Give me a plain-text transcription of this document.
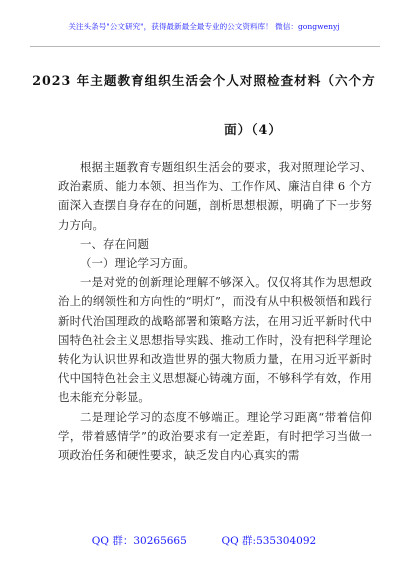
关注头条号"公文研究"，获得最新最全最专业的公文资料库！ 微信：gongwenyj
2023 年主题教育组织生活会个人对照检查材料（六个方
面）（4）

根据主题教育专题组织生活会的要求，我对照理论学习、政治素质、能力本领、担当作为、工作作风、廉洁自律 6 个方面深入查摆自身存在的问题，剖析思想根源，明确了下一步努力方向。

一、存在问题

（一）理论学习方面。

一是对党的创新理论理解不够深入。仅仅将其作为思想政治上的纲领性和方向性的“明灯”，而没有从中积极领悟和践行新时代治国理政的战略部署和策略方法，在用习近平新时代中国特色社会主义思想指导实践、推动工作时，没有把科学理论转化为认识世界和改造世界的强大物质力量，在用习近平新时代中国特色社会主义思想凝心铸魂方面，不够科学有效，作用也未能充分彰显。

二是理论学习的态度不够端正。理论学习距离“带着信仰学，带着感情学”的政治要求有一定差距，有时把学习当做一项政治任务和硬性要求，缺乏发自内心真实的需

QQ 群：30265665	QQ 群:535304092
